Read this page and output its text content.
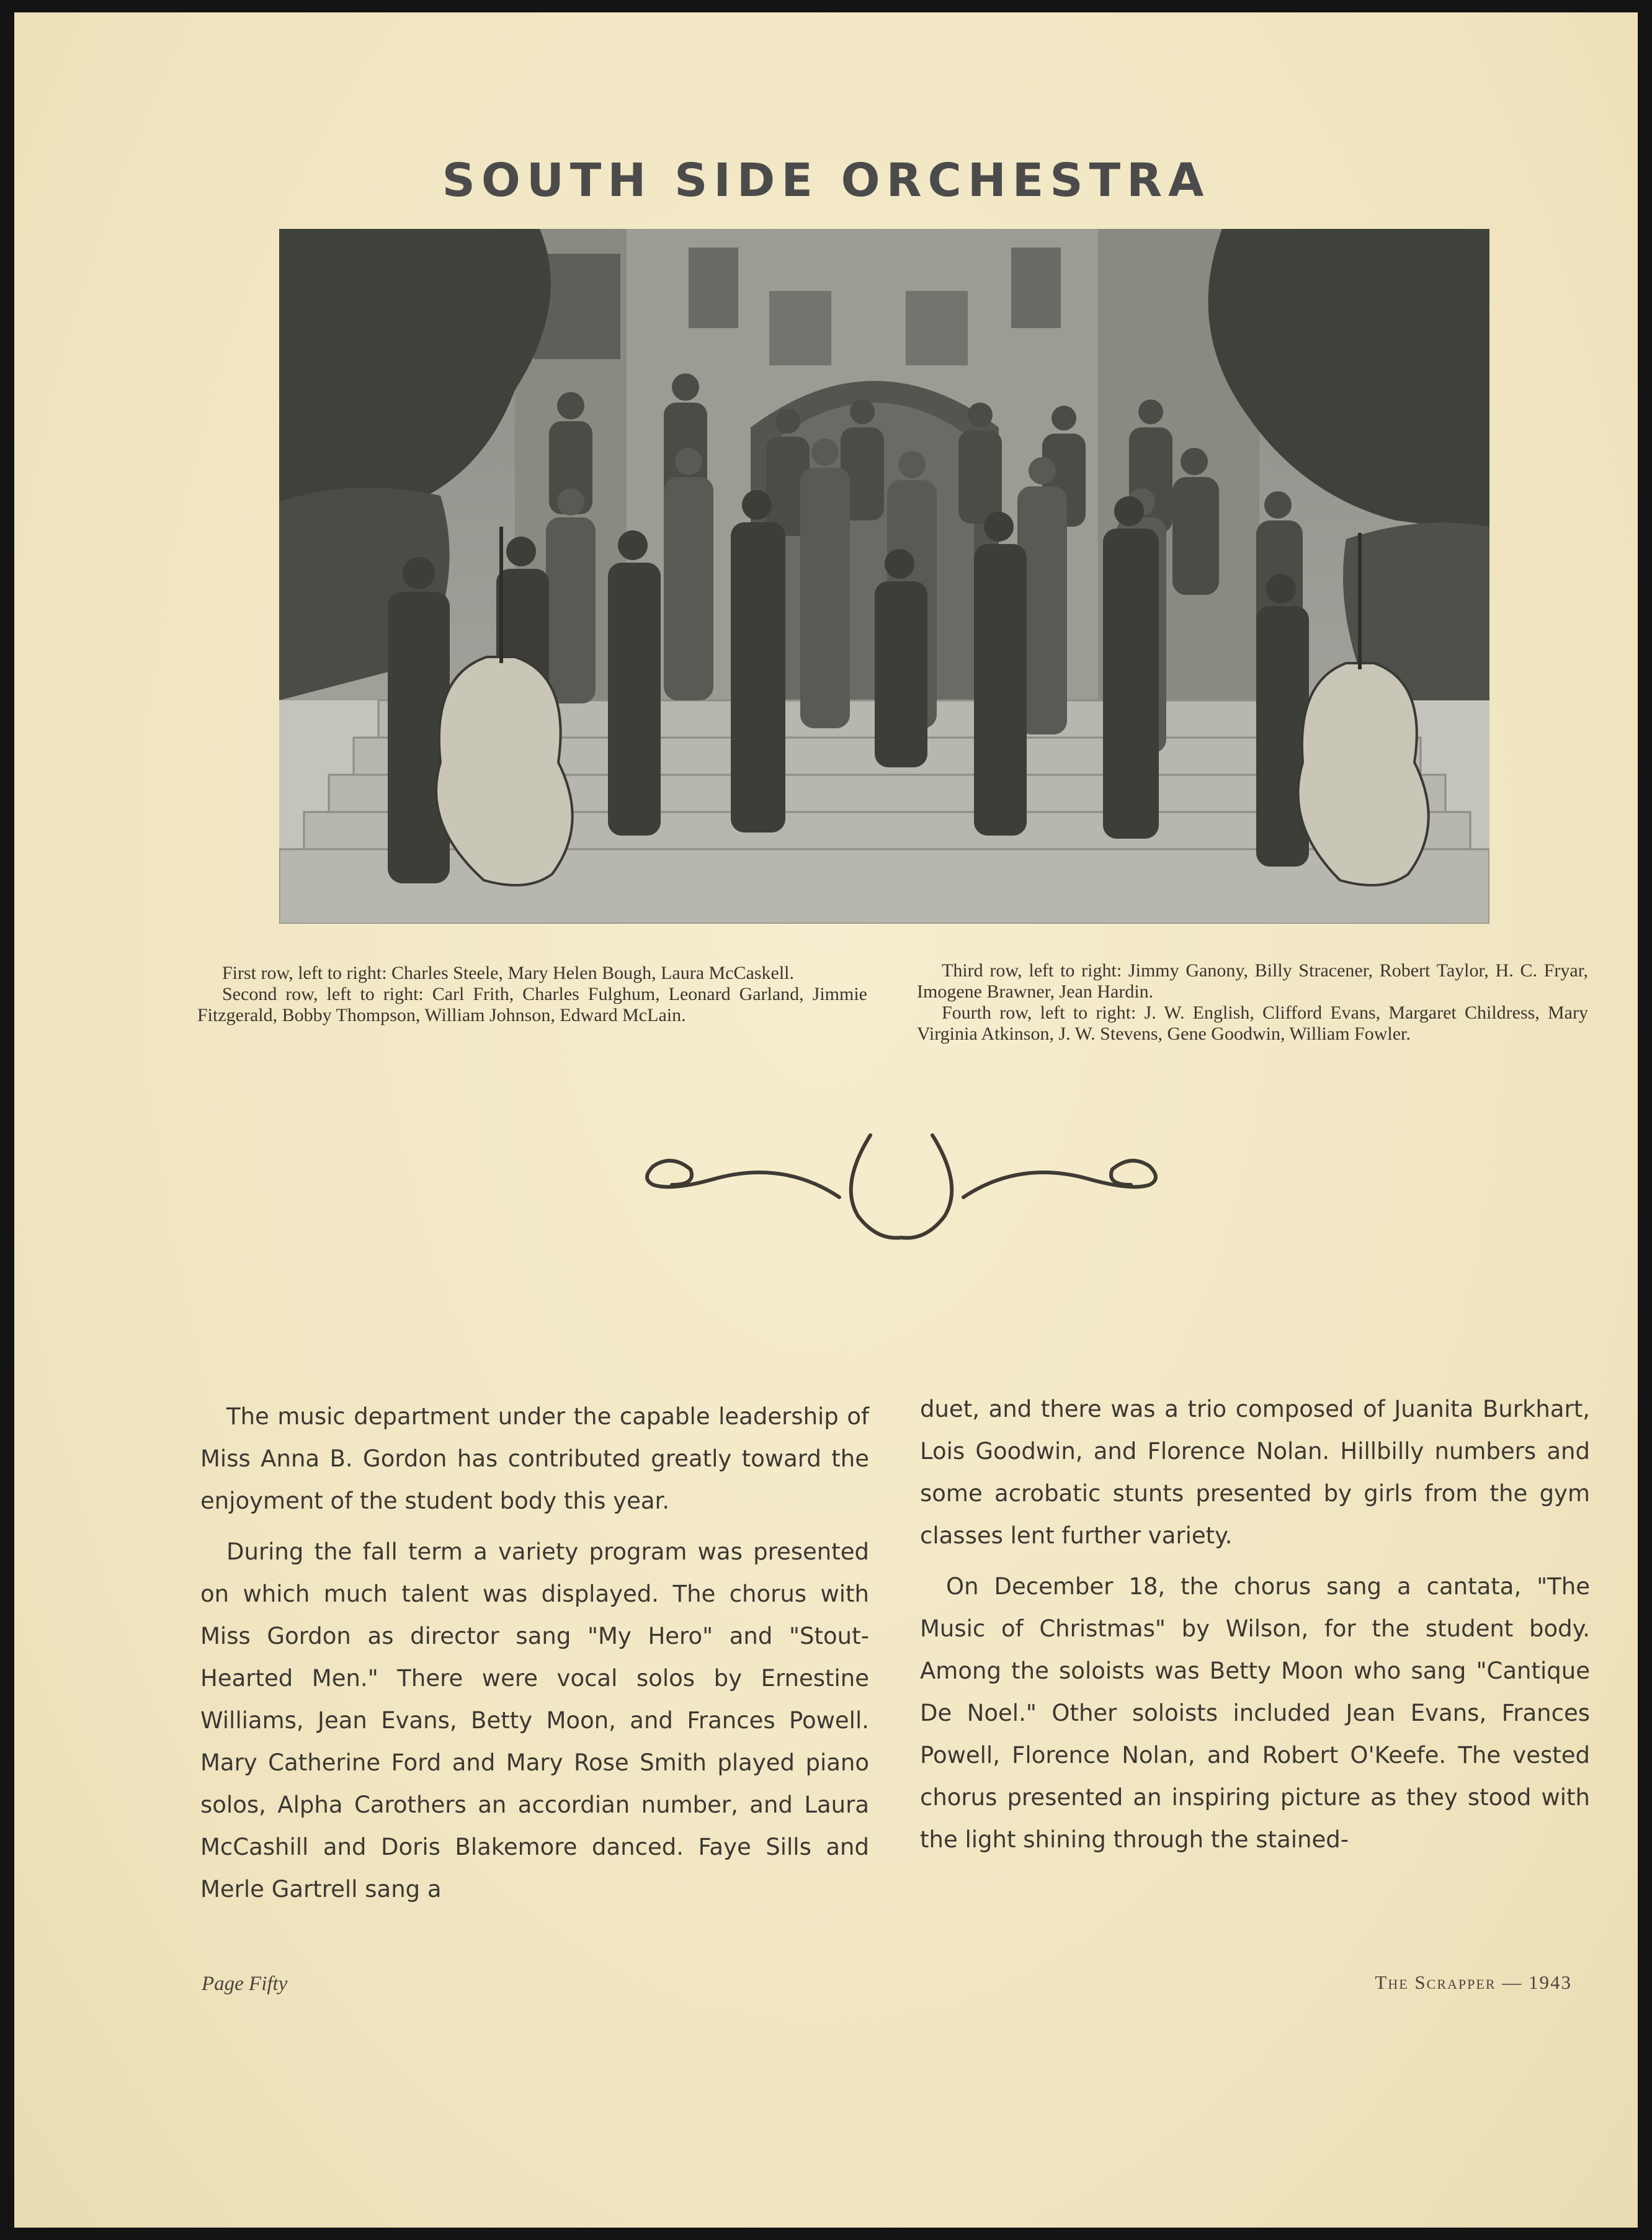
SOUTH SIDE ORCHESTRA
First row, left to right: Charles Steele, Mary Helen Bough, Laura McCaskell.
Second row, left to right: Carl Frith, Charles Fulghum, Leonard Garland, Jimmie Fitzgerald, Bobby Thompson, William Johnson, Edward McLain.
Third row, left to right: Jimmy Ganony, Billy Stracener, Robert Taylor, H. C. Fryar, Imogene Brawner, Jean Hardin.
Fourth row, left to right: J. W. English, Clifford Evans, Margaret Childress, Mary Virginia Atkinson, J. W. Stevens, Gene Goodwin, William Fowler.

The music department under the capable leadership of Miss Anna B. Gordon has contributed greatly toward the enjoyment of the student body this year.

During the fall term a variety program was presented on which much talent was displayed. The chorus with Miss Gordon as director sang "My Hero" and "Stout-Hearted Men." There were vocal solos by Ernestine Williams, Jean Evans, Betty Moon, and Frances Powell. Mary Catherine Ford and Mary Rose Smith played piano solos, Alpha Carothers an accordian number, and Laura McCashill and Doris Blakemore danced. Faye Sills and Merle Gartrell sang a

duet, and there was a trio composed of Juanita Burkhart, Lois Goodwin, and Florence Nolan. Hillbilly numbers and some acrobatic stunts presented by girls from the gym classes lent further variety.

On December 18, the chorus sang a cantata, "The Music of Christmas" by Wilson, for the student body. Among the soloists was Betty Moon who sang "Cantique De Noel." Other soloists included Jean Evans, Frances Powell, Florence Nolan, and Robert O'Keefe. The vested chorus presented an inspiring picture as they stood with the light shining through the stained-

Page Fifty	The Scrapper — 1943
